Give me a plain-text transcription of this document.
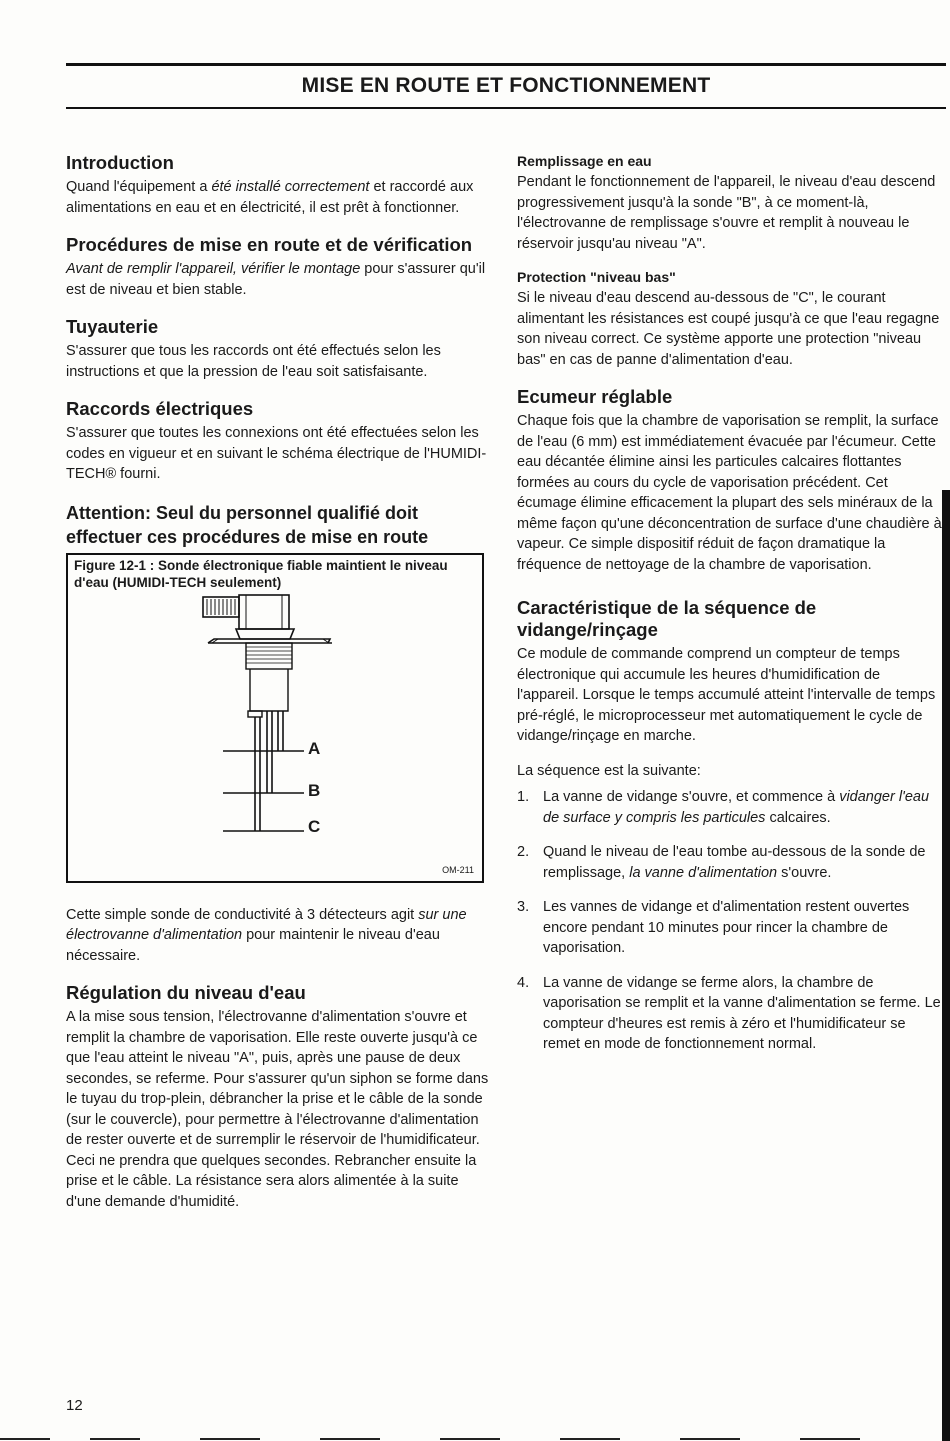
MISE EN ROUTE ET FONCTIONNEMENT
Introduction

Quand l'équipement a été installé correctement et raccordé aux alimentations en eau et en électricité, il est prêt à fonctionner.

Procédures de mise en route et de vérification

Avant de remplir l'appareil, vérifier le montage pour s'assurer qu'il est de niveau et bien stable.

Tuyauterie

S'assurer que tous les raccords ont été effectués selon les instructions et que la pression de l'eau soit satisfaisante.

Raccords électriques

S'assurer que toutes les connexions ont été effectuées selon les codes en vigueur et en suivant le schéma électrique de l'HUMIDI-TECH® fourni.

Attention: Seul du personnel qualifié doit effectuer ces procédures de mise en route
Figure 12-1 : Sonde électronique fiable maintient le niveau d'eau (HUMIDI-TECH seulement)
A
B
C
OM-211

Cette simple sonde de conductivité à 3 détecteurs agit sur une électrovanne d'alimentation pour maintenir le niveau d'eau nécessaire.

Régulation du niveau d'eau

A la mise sous tension, l'électrovanne d'alimentation s'ouvre et remplit la chambre de vaporisation. Elle reste ouverte jusqu'à ce que l'eau atteint le niveau "A", puis, après une pause de deux secondes, se referme. Pour s'assurer qu'un siphon se forme dans le tuyau du trop-plein, débrancher la prise et le câble de la sonde (sur le couvercle), pour permettre à l'électrovanne d'alimentation de rester ouverte et de surremplir le réservoir de l'humidificateur. Ceci ne prendra que quelques secondes. Rebrancher ensuite la prise et le câble. La résistance sera alors alimentée à la suite d'une demande d'humidité.

Remplissage en eau

Pendant le fonctionnement de l'appareil, le niveau d'eau descend progressivement jusqu'à la sonde "B", à ce moment-là, l'électrovanne de remplissage s'ouvre et remplit à nouveau le réservoir jusqu'au niveau "A".

Protection "niveau bas"

Si le niveau d'eau descend au-dessous de "C", le courant alimentant les résistances est coupé jusqu'à ce que l'eau regagne son niveau correct. Ce système apporte une protection "niveau bas" en cas de panne d'alimentation d'eau.

Ecumeur réglable

Chaque fois que la chambre de vaporisation se remplit, la surface de l'eau (6 mm) est immédiatement évacuée par l'écumeur. Cette eau décantée élimine ainsi les particules calcaires flottantes formées au cours du cycle de vaporisation précédent. Cet écumage élimine efficacement la plupart des sels minéraux de la même façon qu'une déconcentration de surface d'une chaudière à vapeur. Ce simple dispositif réduit de façon dramatique la fréquence de nettoyage de la chambre de vaporisation.

Caractéristique de la séquence de vidange/rinçage

Ce module de commande comprend un compteur de temps électronique qui accumule les heures d'humidification de l'appareil. Lorsque le temps accumulé atteint l'intervalle de temps pré-réglé, le microprocesseur met automatiquement le cycle de vidange/rinçage en marche.

La séquence est la suivante:

1. La vanne de vidange s'ouvre, et commence à vidanger l'eau de surface y compris les particules calcaires.
2. Quand le niveau de l'eau tombe au-dessous de la sonde de remplissage, la vanne d'alimentation s'ouvre.
3. Les vannes de vidange et d'alimentation restent ouvertes encore pendant 10 minutes pour rincer la chambre de vaporisation.
4. La vanne de vidange se ferme alors, la chambre de vaporisation se remplit et la vanne d'alimentation se ferme. Le compteur d'heures est remis à zéro et l'humidificateur se remet en mode de fonctionnement normal.
12
